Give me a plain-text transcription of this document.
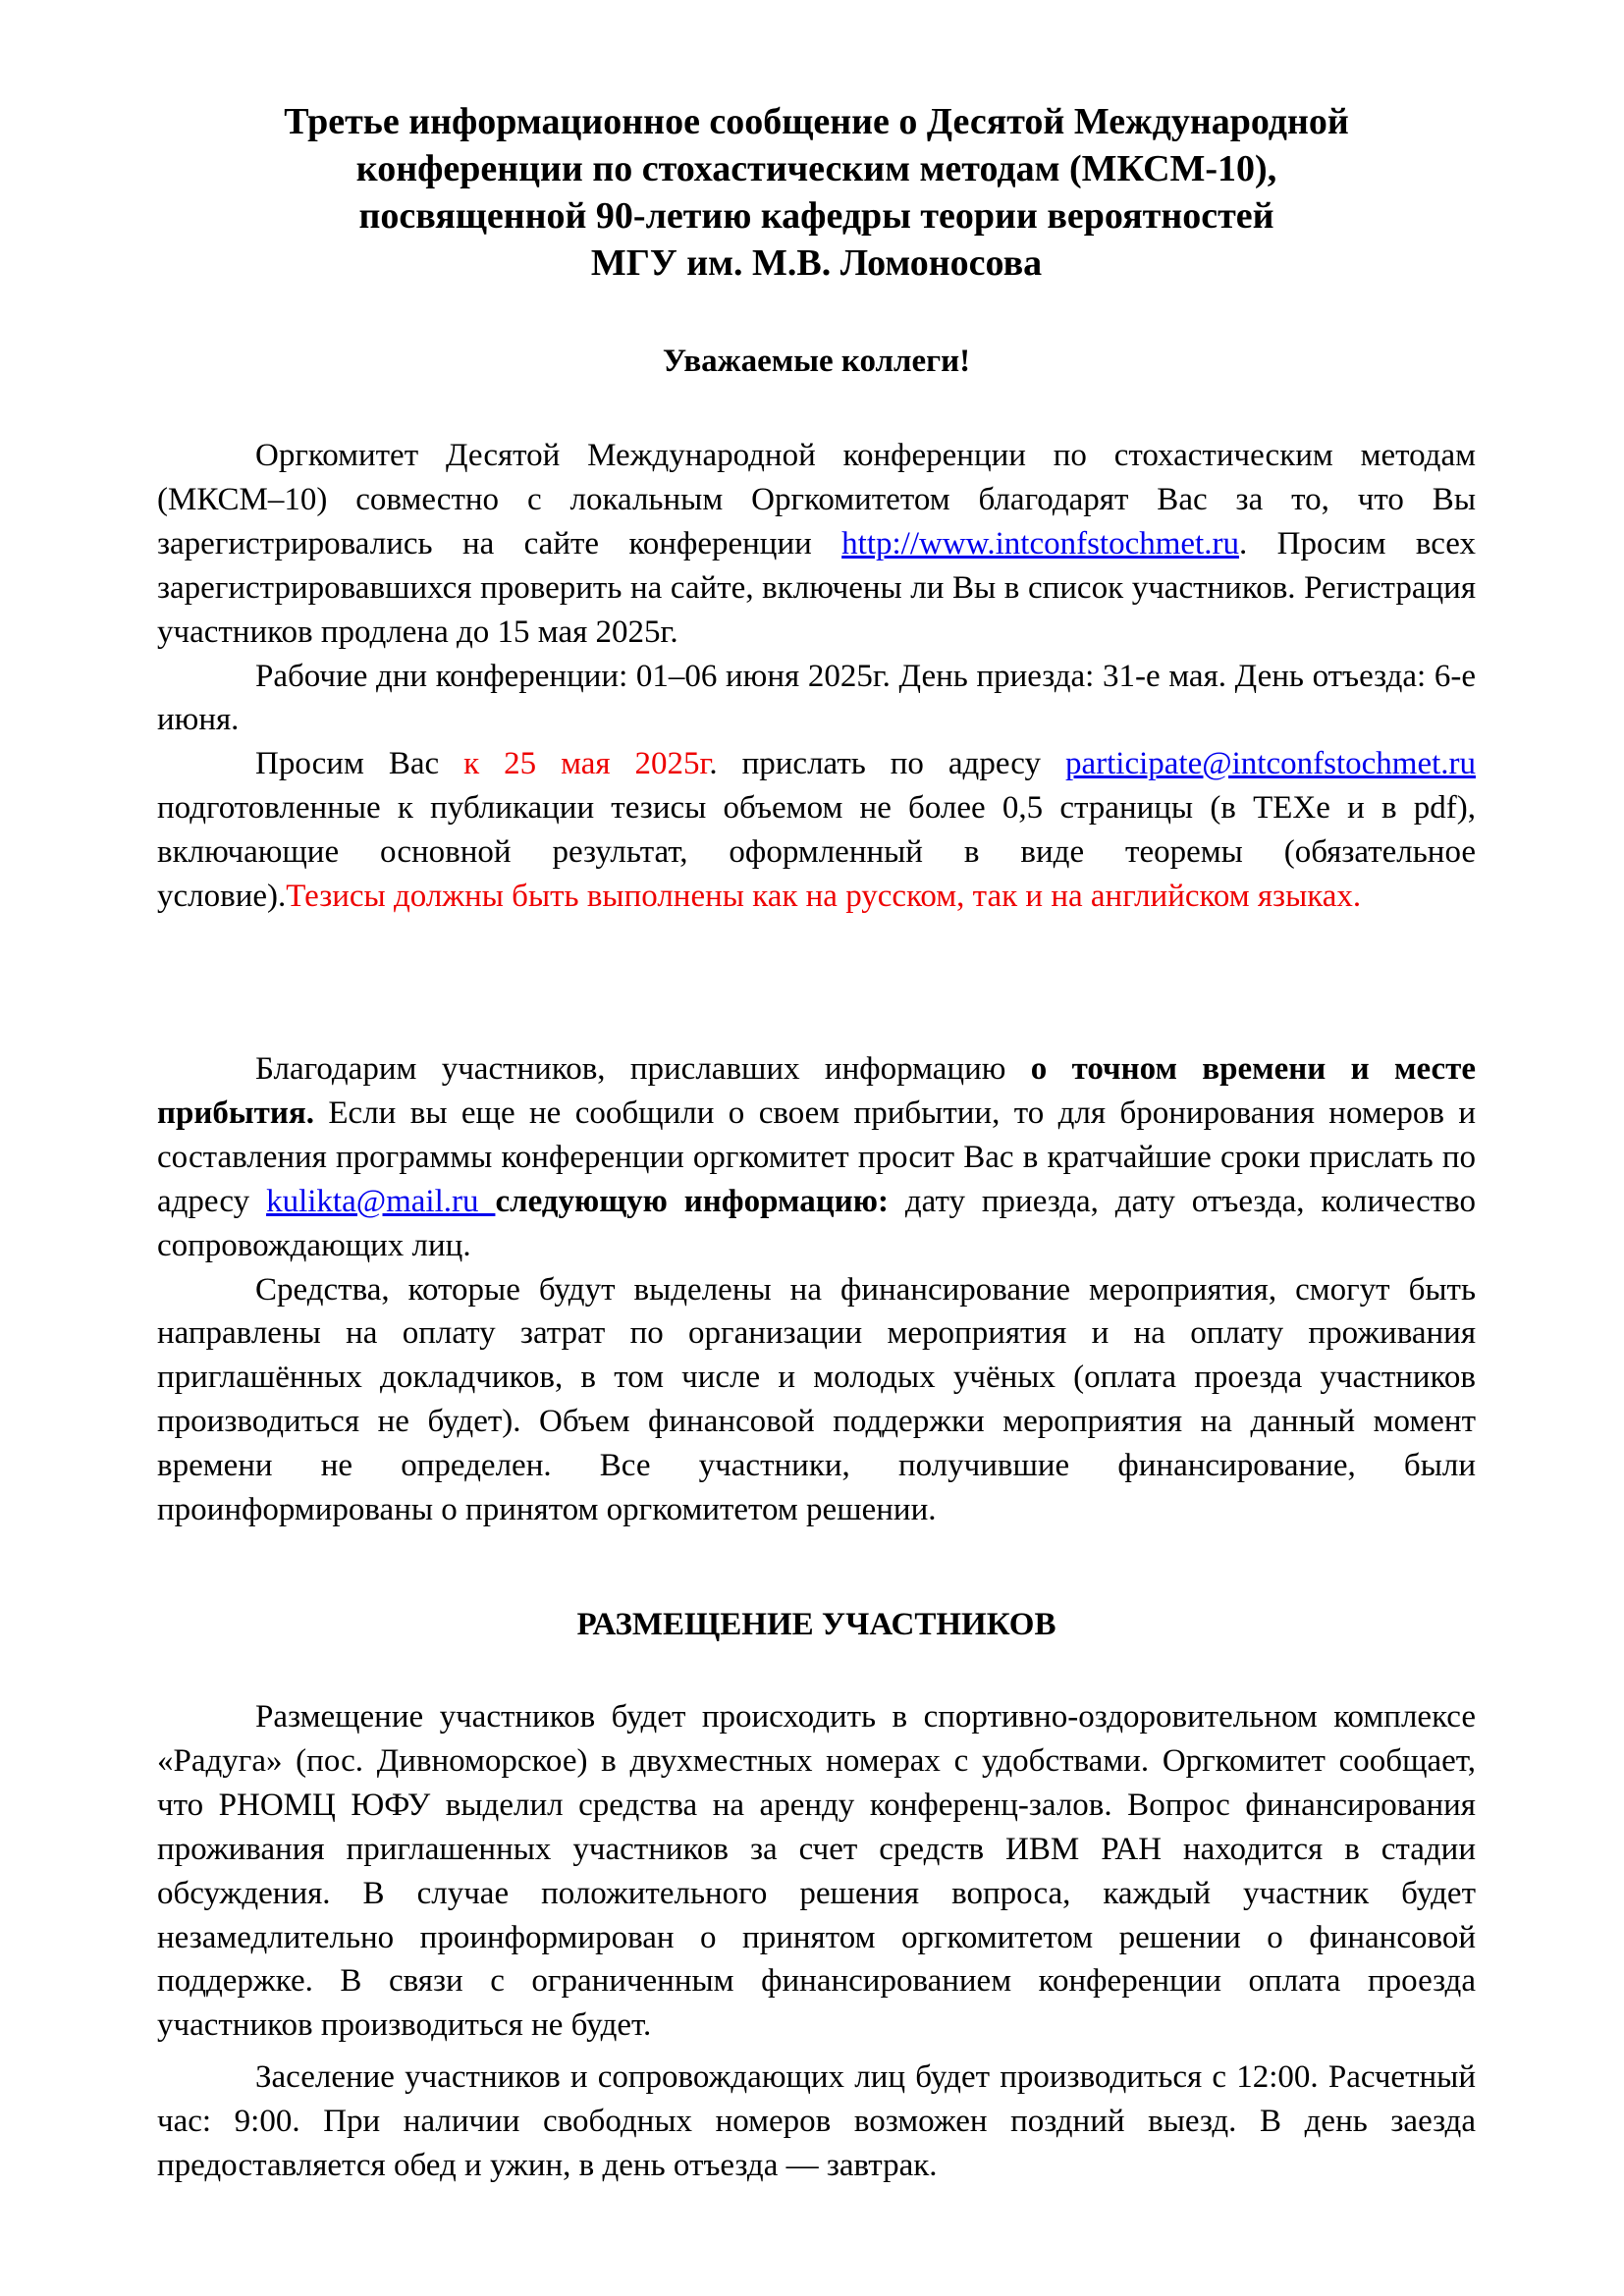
Третье информационное сообщение о Десятой Международной
конференции по стохастическим методам (МКСМ-10),
посвященной 90-летию кафедры теории вероятностей
МГУ им. М.В. Ломоносова
Уважаемые коллеги!

Оргкомитет Десятой Международной конференции по стохастическим методам (МКСМ–10) совместно с локальным Оргкомитетом благодарят Вас за то, что Вы зарегистрировались на сайте конференции http://www.intconfstochmet.ru. Просим всех зарегистрировавшихся проверить на сайте, включены ли Вы в список участников. Регистрация участников продлена до 15 мая 2025г.

Рабочие дни конференции: 01–06 июня 2025г. День приезда: 31-е мая. День отъезда: 6-е июня.

Просим Вас к 25 мая 2025г. прислать по адресу participate@intconfstochmet.ru подготовленные к публикации тезисы объемом не более 0,5 страницы (в TEXe и в pdf), включающие основной результат, оформленный в виде теоремы (обязательное условие).Тезисы должны быть выполнены как на русском, так и на английском языках.

Благодарим участников, приславших информацию о точном времени и месте прибытия. Если вы еще не сообщили о своем прибытии, то для бронирования номеров и составления программы конференции оргкомитет просит Вас в кратчайшие сроки прислать по адресу kulikta@mail.ru следующую информацию: дату приезда, дату отъезда, количество сопровождающих лиц.

Средства, которые будут выделены на финансирование мероприятия, смогут быть направлены на оплату затрат по организации мероприятия и на оплату проживания приглашённых докладчиков, в том числе и молодых учёных (оплата проезда участников производиться не будет). Объем финансовой поддержки мероприятия на данный момент времени не определен. Все участники, получившие финансирование, были проинформированы о принятом оргкомитетом решении.

РАЗМЕЩЕНИЕ УЧАСТНИКОВ

Размещение участников будет происходить в спортивно-оздоровительном комплексе «Радуга» (пос. Дивноморское) в двухместных номерах с удобствами. Оргкомитет сообщает, что РНОМЦ ЮФУ выделил средства на аренду конференц-залов. Вопрос финансирования проживания приглашенных участников за счет средств ИВМ РАН находится в стадии обсуждения. В случае положительного решения вопроса, каждый участник будет незамедлительно проинформирован о принятом оргкомитетом решении о финансовой поддержке. В связи с ограниченным финансированием конференции оплата проезда участников производиться не будет.

Заселение участников и сопровождающих лиц будет производиться с 12:00. Расчетный час: 9:00. При наличии свободных номеров возможен поздний выезд. В день заезда предоставляется обед и ужин, в день отъезда — завтрак.
